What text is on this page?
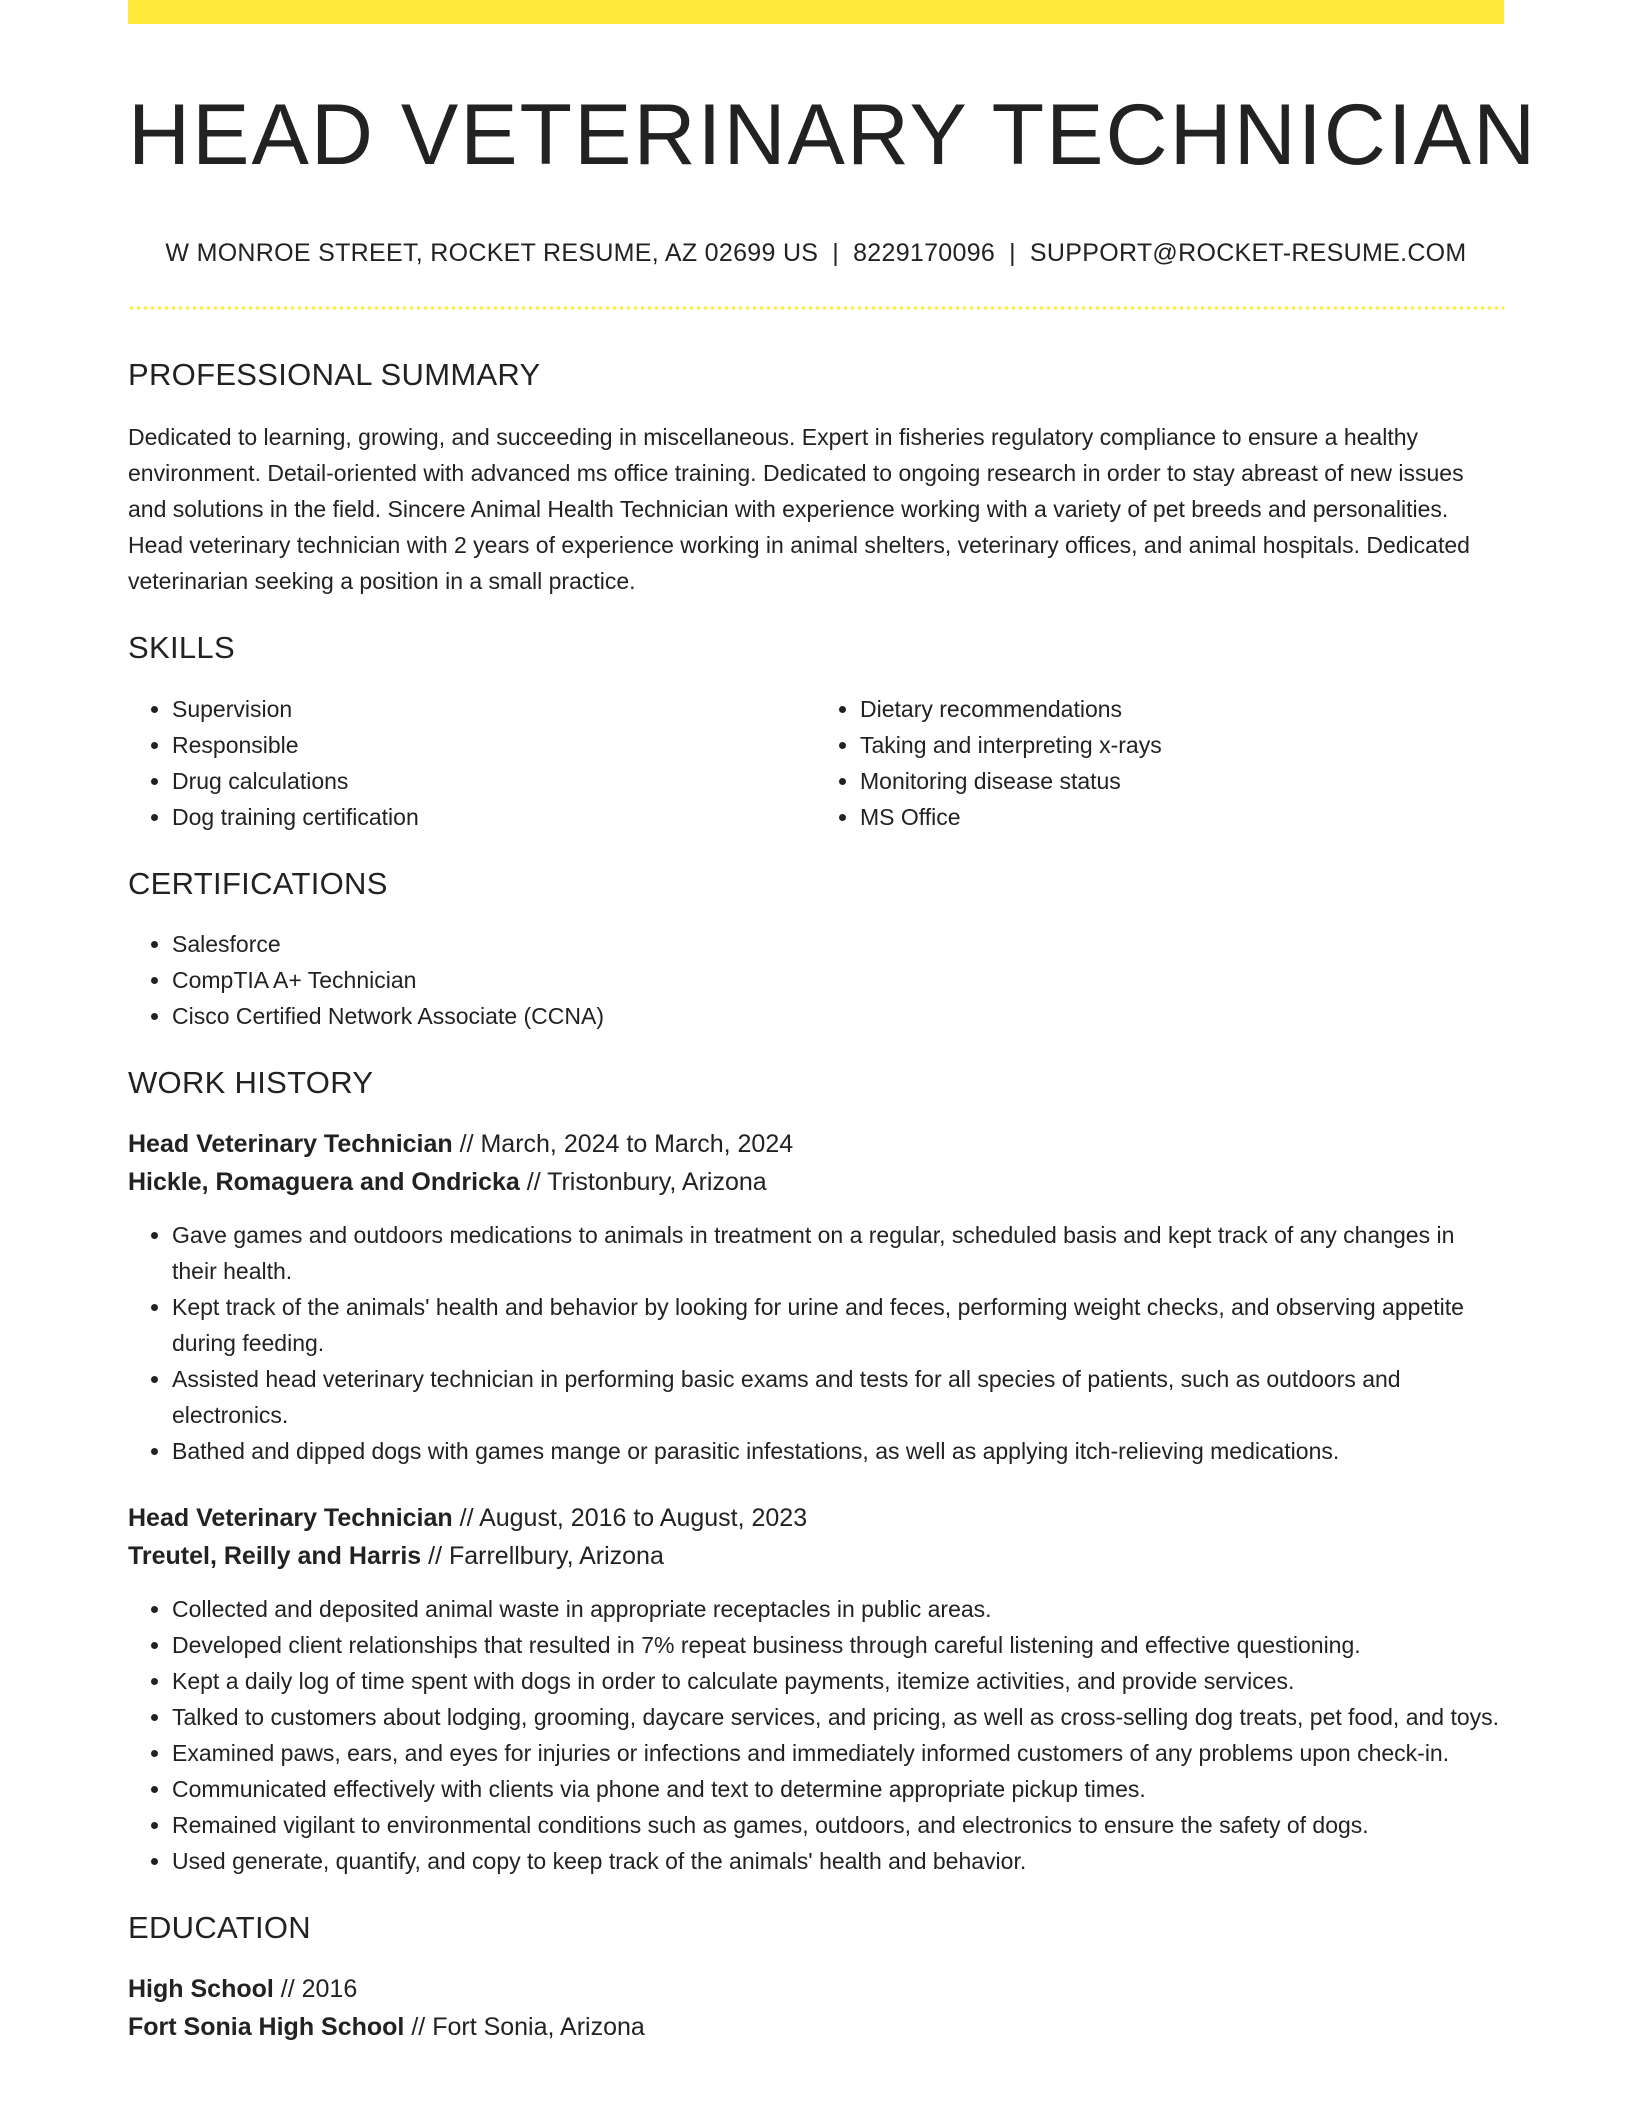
HEAD VETERINARY TECHNICIAN
W MONROE STREET, ROCKET RESUME, AZ 02699 US | 8229170096 | SUPPORT@ROCKET-RESUME.COM
PROFESSIONAL SUMMARY

Dedicated to learning, growing, and succeeding in miscellaneous. Expert in fisheries regulatory compliance to ensure a healthy environment. Detail-oriented with advanced ms office training. Dedicated to ongoing research in order to stay abreast of new issues and solutions in the field. Sincere Animal Health Technician with experience working with a variety of pet breeds and personalities. Head veterinary technician with 2 years of experience working in animal shelters, veterinary offices, and animal hospitals. Dedicated veterinarian seeking a position in a small practice.

SKILLS
• Supervision
• Responsible
• Drug calculations
• Dog training certification
• Dietary recommendations
• Taking and interpreting x-rays
• Monitoring disease status
• MS Office
CERTIFICATIONS
• Salesforce
• CompTIA A+ Technician
• Cisco Certified Network Associate (CCNA)
WORK HISTORY
Head Veterinary Technician // March, 2024 to March, 2024
Hickle, Romaguera and Ondricka // Tristonbury, Arizona
• Gave games and outdoors medications to animals in treatment on a regular, scheduled basis and kept track of any changes in their health.
• Kept track of the animals' health and behavior by looking for urine and feces, performing weight checks, and observing appetite during feeding.
• Assisted head veterinary technician in performing basic exams and tests for all species of patients, such as outdoors and electronics.
• Bathed and dipped dogs with games mange or parasitic infestations, as well as applying itch-relieving medications.
Head Veterinary Technician // August, 2016 to August, 2023
Treutel, Reilly and Harris // Farrellbury, Arizona
• Collected and deposited animal waste in appropriate receptacles in public areas.
• Developed client relationships that resulted in 7% repeat business through careful listening and effective questioning.
• Kept a daily log of time spent with dogs in order to calculate payments, itemize activities, and provide services.
• Talked to customers about lodging, grooming, daycare services, and pricing, as well as cross-selling dog treats, pet food, and toys.
• Examined paws, ears, and eyes for injuries or infections and immediately informed customers of any problems upon check-in.
• Communicated effectively with clients via phone and text to determine appropriate pickup times.
• Remained vigilant to environmental conditions such as games, outdoors, and electronics to ensure the safety of dogs.
• Used generate, quantify, and copy to keep track of the animals' health and behavior.
EDUCATION
High School // 2016
Fort Sonia High School // Fort Sonia, Arizona
